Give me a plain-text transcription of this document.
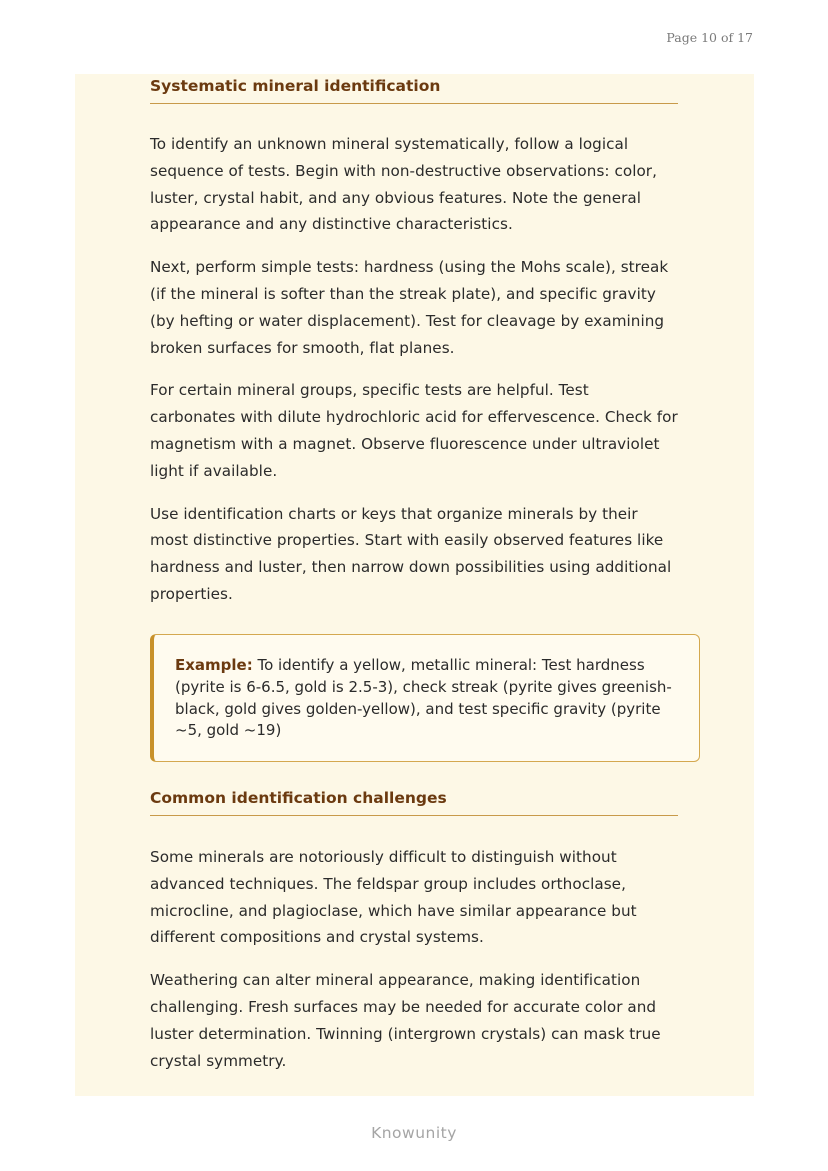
Page 10 of 17
Systematic mineral identification

To identify an unknown mineral systematically, follow a logical sequence of tests. Begin with non-destructive observations: color, luster, crystal habit, and any obvious features. Note the general appearance and any distinctive characteristics.

Next, perform simple tests: hardness (using the Mohs scale), streak (if the mineral is softer than the streak plate), and specific gravity (by hefting or water displacement). Test for cleavage by examining broken surfaces for smooth, flat planes.

For certain mineral groups, specific tests are helpful. Test carbonates with dilute hydrochloric acid for effervescence. Check for magnetism with a magnet. Observe fluorescence under ultraviolet light if available.

Use identification charts or keys that organize minerals by their most distinctive properties. Start with easily observed features like hardness and luster, then narrow down possibilities using additional properties.

Example: To identify a yellow, metallic mineral: Test hardness (pyrite is 6-6.5, gold is 2.5-3), check streak (pyrite gives greenish-black, gold gives golden-yellow), and test specific gravity (pyrite ~5, gold ~19)

Common identification challenges

Some minerals are notoriously difficult to distinguish without advanced techniques. The feldspar group includes orthoclase, microcline, and plagioclase, which have similar appearance but different compositions and crystal systems.

Weathering can alter mineral appearance, making identification challenging. Fresh surfaces may be needed for accurate color and luster determination. Twinning (intergrown crystals) can mask true crystal symmetry.

Knowunity
